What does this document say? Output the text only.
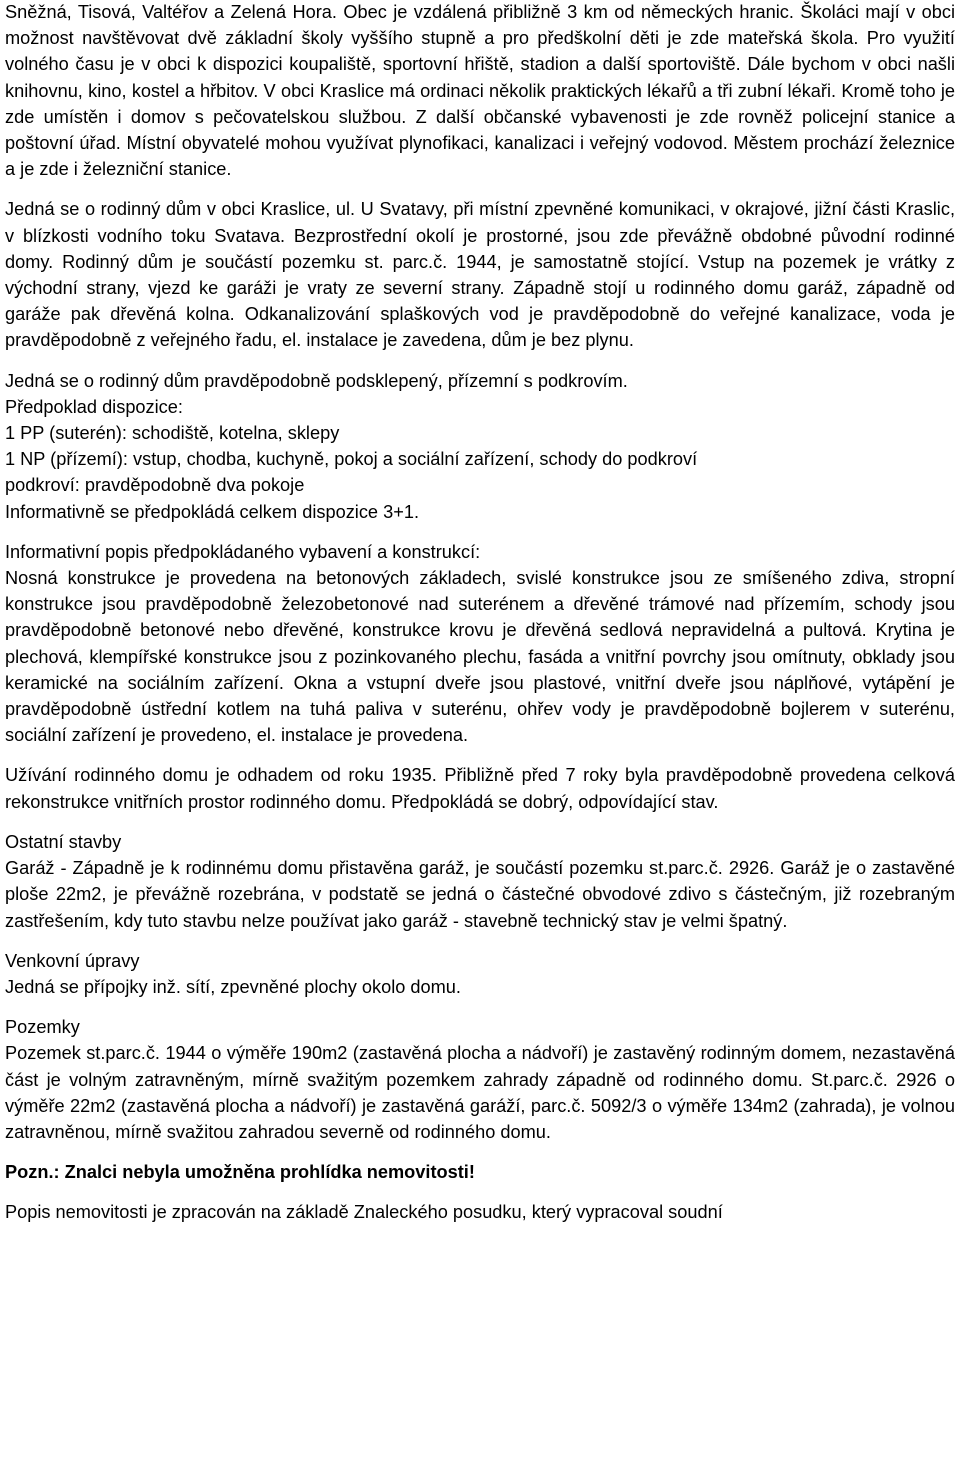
Sněžná, Tisová, Valtéřov a Zelená Hora. Obec je vzdálená přibližně 3 km od německých hranic. Školáci mají v obci možnost navštěvovat dvě základní školy vyššího stupně a pro předškolní děti je zde mateřská škola. Pro využití volného času je v obci k dispozici koupaliště, sportovní hřiště, stadion a další sportoviště. Dále bychom v obci našli knihovnu, kino, kostel a hřbitov. V obci Kraslice má ordinaci několik praktických lékařů a tři zubní lékaři. Kromě toho je zde umístěn i domov s pečovatelskou službou. Z další občanské vybavenosti je zde rovněž policejní stanice a poštovní úřad. Místní obyvatelé mohou využívat plynofikaci, kanalizaci i veřejný vodovod. Městem prochází železnice a je zde i železniční stanice.

Jedná se o rodinný dům v obci Kraslice, ul. U Svatavy, při místní zpevněné komunikaci, v okrajové, jižní části Kraslic, v blízkosti vodního toku Svatava. Bezprostřední okolí je prostorné, jsou zde převážně obdobné původní rodinné domy. Rodinný dům je součástí pozemku st. parc.č. 1944, je samostatně stojící. Vstup na pozemek je vrátky z východní strany, vjezd ke garáži je vraty ze severní strany. Západně stojí u rodinného domu garáž, západně od garáže pak dřevěná kolna. Odkanalizování splaškových vod je pravděpodobně do veřejné kanalizace, voda je pravděpodobně z veřejného řadu, el. instalace je zavedena, dům je bez plynu.

Jedná se o rodinný dům pravděpodobně podsklepený, přízemní s podkrovím.
Předpoklad dispozice:
1 PP (suterén): schodiště, kotelna, sklepy
1 NP (přízemí): vstup, chodba, kuchyně, pokoj a sociální zařízení, schody do podkroví
podkroví: pravděpodobně dva pokoje
Informativně se předpokládá celkem dispozice 3+1.

Informativní popis předpokládaného vybavení a konstrukcí:
Nosná konstrukce je provedena na betonových základech, svislé konstrukce jsou ze smíšeného zdiva, stropní konstrukce jsou pravděpodobně železobetonové nad suterénem a dřevěné trámové nad přízemím, schody jsou pravděpodobně betonové nebo dřevěné, konstrukce krovu je dřevěná sedlová nepravidelná a pultová. Krytina je plechová, klempířské konstrukce jsou z pozinkovaného plechu, fasáda a vnitřní povrchy jsou omítnuty, obklady jsou keramické na sociálním zařízení. Okna a vstupní dveře jsou plastové, vnitřní dveře jsou náplňové, vytápění je pravděpodobně ústřední kotlem na tuhá paliva v suterénu, ohřev vody je pravděpodobně bojlerem v suterénu, sociální zařízení je provedeno, el. instalace je provedena.

Užívání rodinného domu je odhadem od roku 1935. Přibližně před 7 roky byla pravděpodobně provedena celková rekonstrukce vnitřních prostor rodinného domu. Předpokládá se dobrý, odpovídající stav.

Ostatní stavby
Garáž - Západně je k rodinnému domu přistavěna garáž, je součástí pozemku st.parc.č. 2926. Garáž je o zastavěné ploše 22m2, je převážně rozebrána, v podstatě se jedná o částečné obvodové zdivo s částečným, již rozebraným zastřešením, kdy tuto stavbu nelze používat jako garáž - stavebně technický stav je velmi špatný.

Venkovní úpravy
Jedná se přípojky inž. sítí, zpevněné plochy okolo domu.

Pozemky
Pozemek st.parc.č. 1944 o výměře 190m2 (zastavěná plocha a nádvoří) je zastavěný rodinným domem, nezastavěná část je volným zatravněným, mírně svažitým pozemkem zahrady západně od rodinného domu. St.parc.č. 2926 o výměře 22m2 (zastavěná plocha a nádvoří) je zastavěná garáží, parc.č. 5092/3 o výměře 134m2 (zahrada), je volnou zatravněnou, mírně svažitou zahradou severně od rodinného domu.

Pozn.: Znalci nebyla umožněna prohlídka nemovitosti!

Popis nemovitosti je zpracován na základě Znaleckého posudku, který vypracoval soudní
